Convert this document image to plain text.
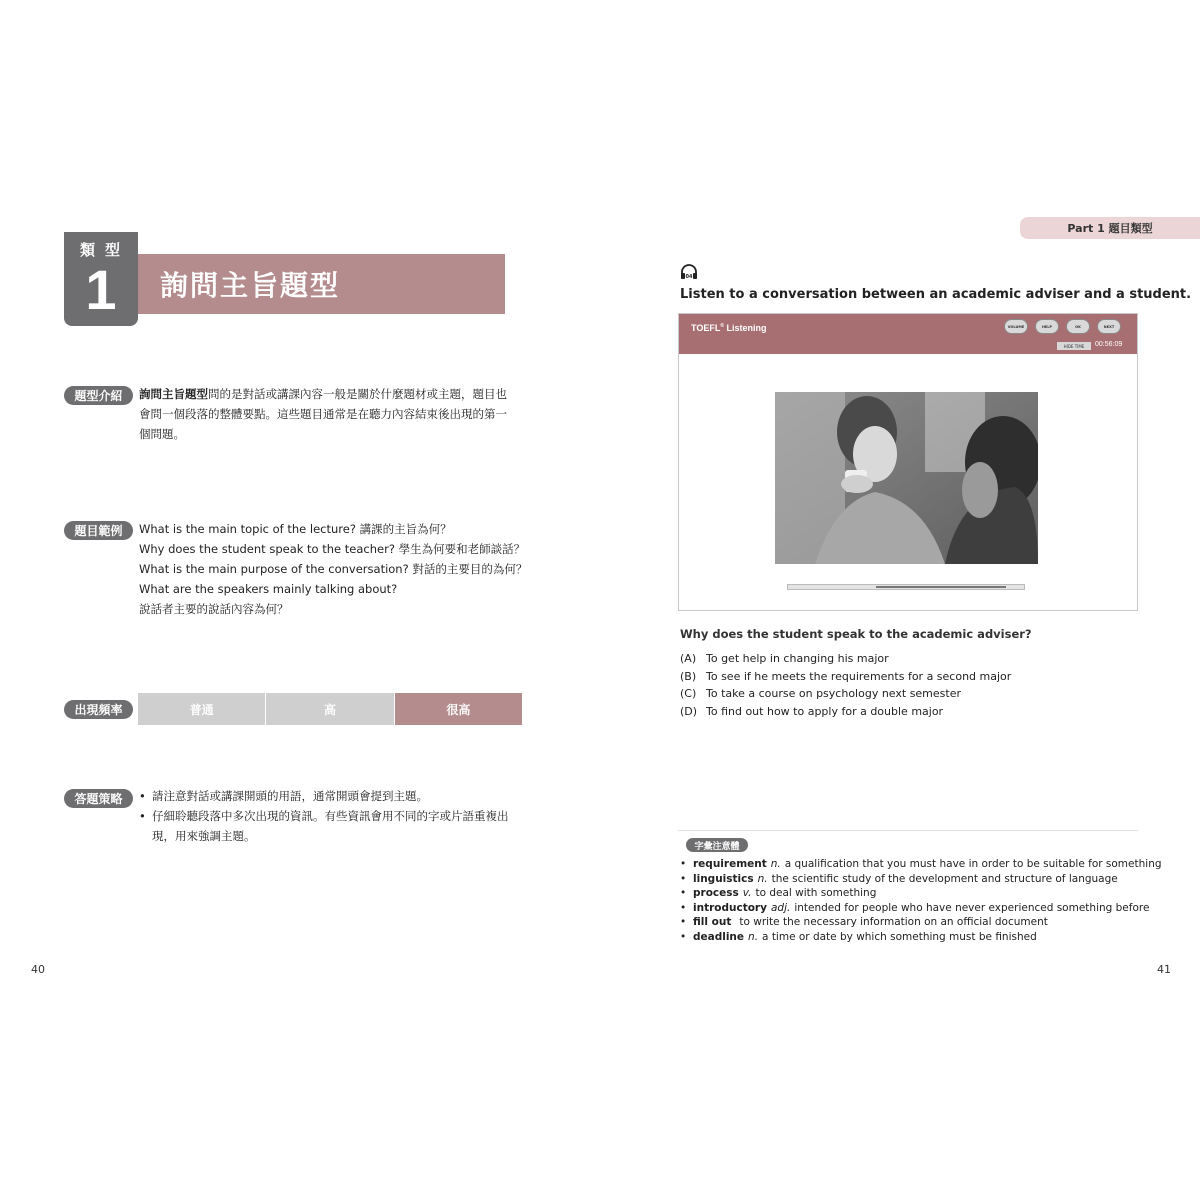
類型
1	詢問主旨題型
題型介紹	詢問主旨題型問的是對話或講課內容一般是關於什麼題材或主題，題目也
會問一個段落的整體要點。這些題目通常是在聽力內容結束後出現的第一
個問題。
題目範例	What is the main topic of the lecture? 講課的主旨為何？
Why does the student speak to the teacher? 學生為何要和老師談話？
What is the main purpose of the conversation? 對話的主要目的為何？
What are the speakers mainly talking about?
說話者主要的說話內容為何？
出現頻率	普通	高	很高
答題策略	• 請注意對話或講課開頭的用語，通常開頭會提到主題。
• 仔細聆聽段落中多次出現的資訊。有些資訊會用不同的字或片語重複出
現，用來強調主題。
40
Part 1 題目類型
04
Listen to a conversation between an academic adviser and a student.
TOEFL® Listening	VOLUME	HELP	OK	NEXT
HIDE TIME	00:56:09
Why does the student speak to the academic adviser?
(A) To get help in changing his major
(B) To see if he meets the requirements for a second major
(C) To take a course on psychology next semester
(D) To find out how to apply for a double major
字彙注意體
• requirement n. a qualification that you must have in order to be suitable for something
• linguistics n. the scientific study of the development and structure of language
• process v. to deal with something
• introductory adj. intended for people who have never experienced something before
• fill out to write the necessary information on an official document
• deadline n. a time or date by which something must be finished
41
